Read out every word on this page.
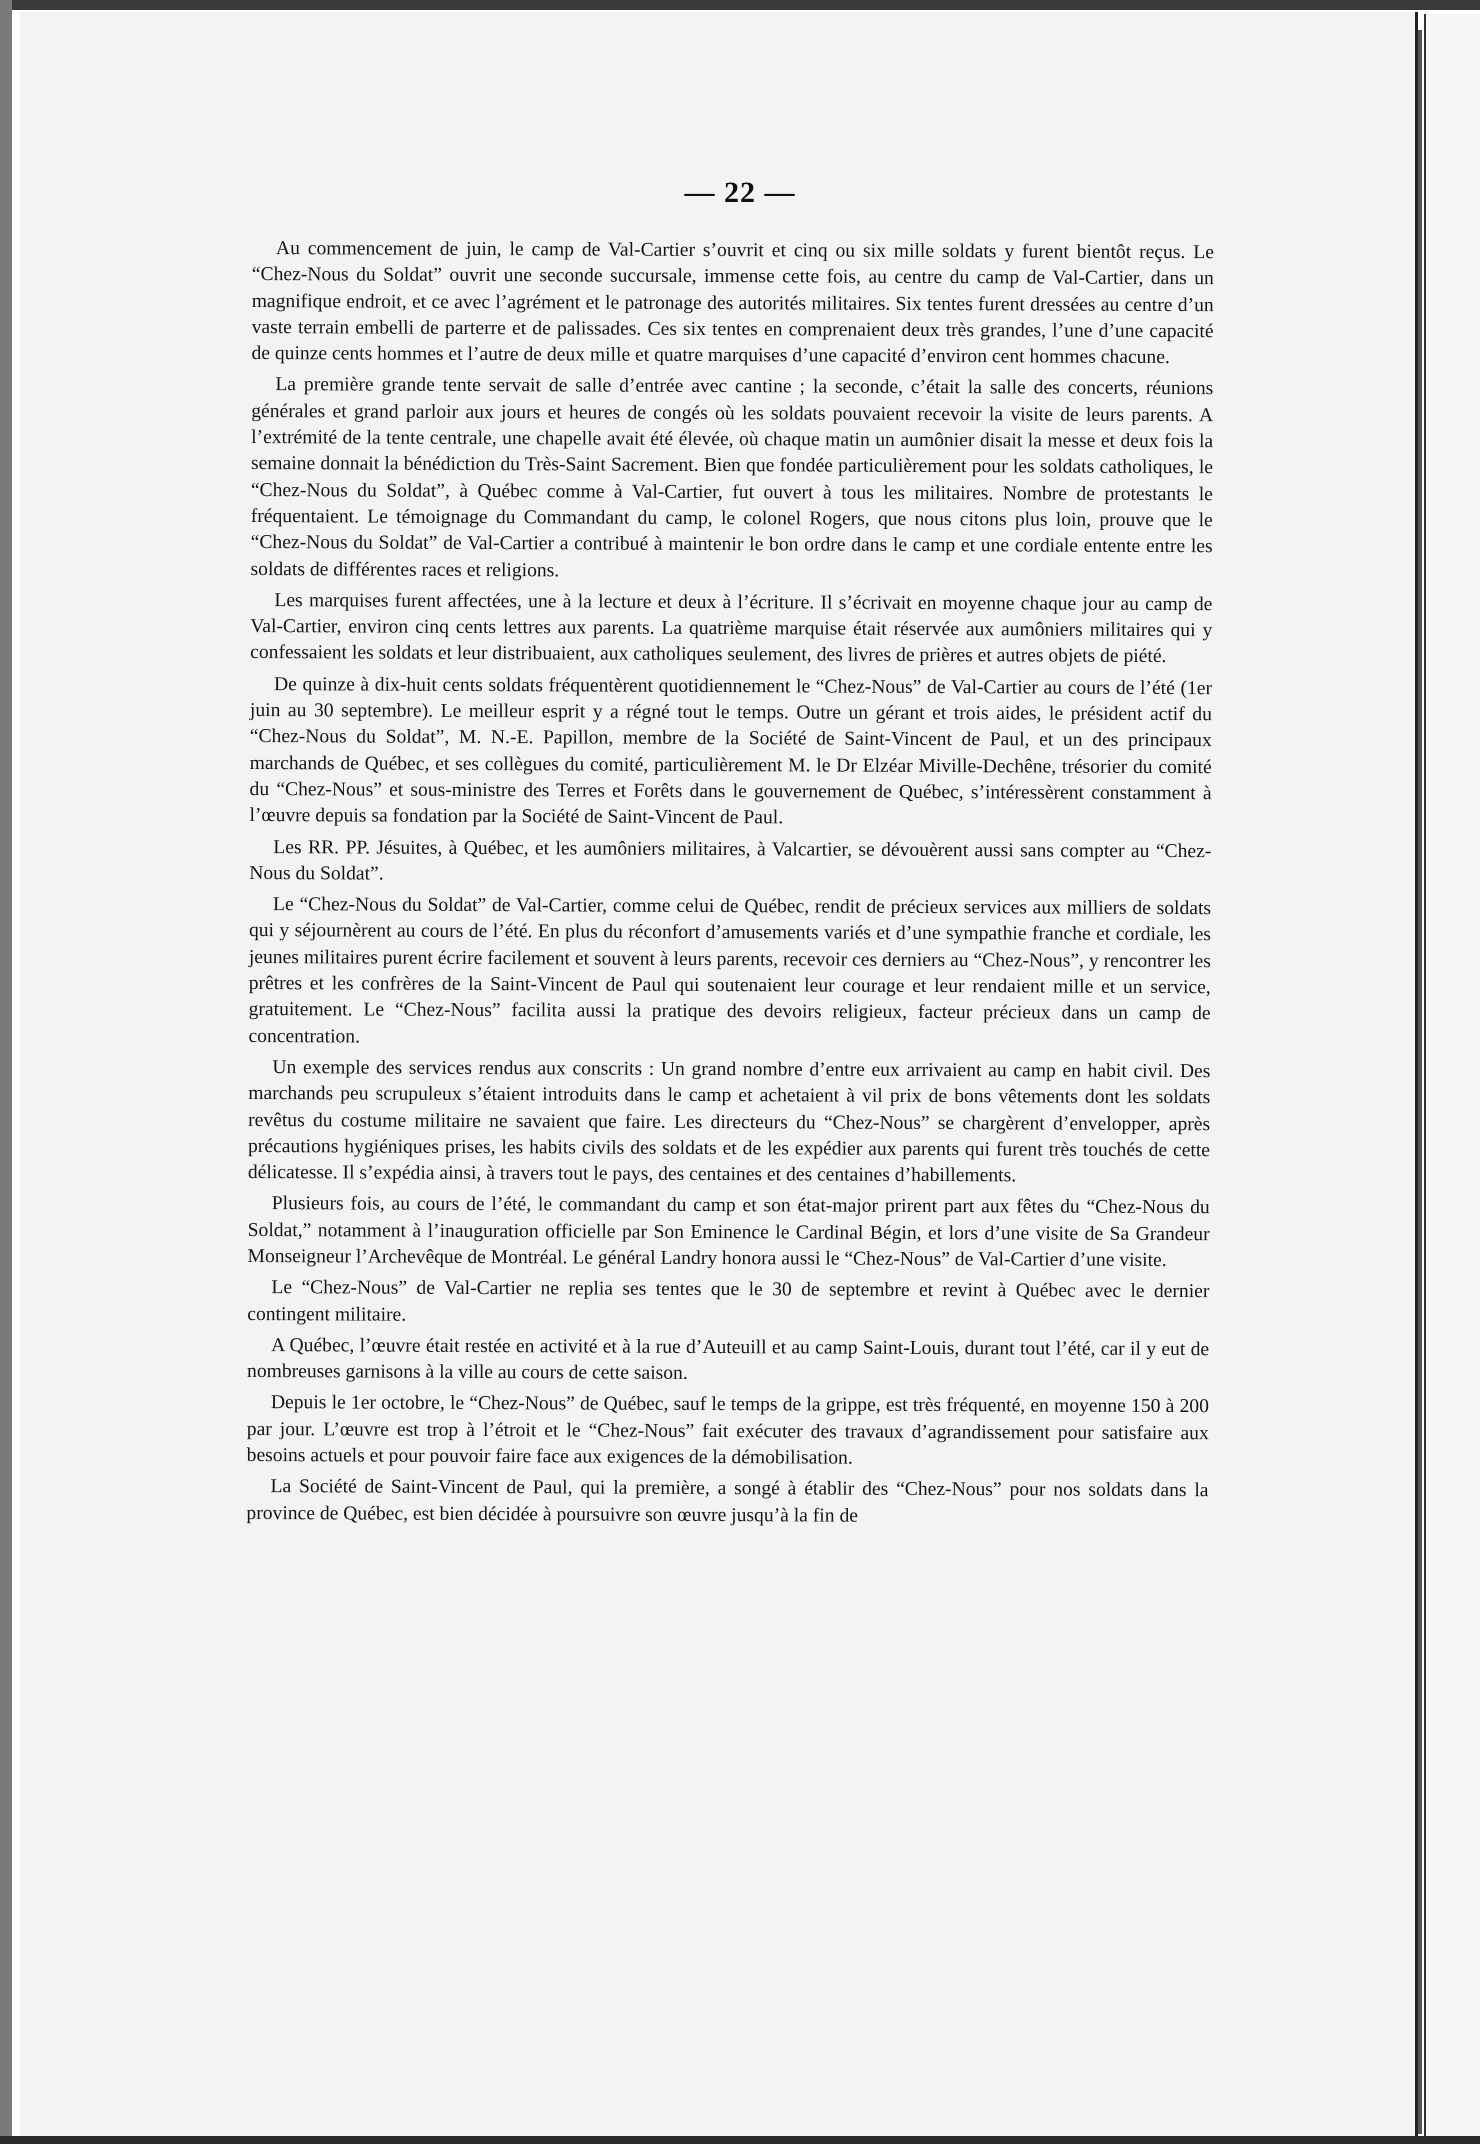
— 22 —

Au commencement de juin, le camp de Val-Cartier s’ouvrit et cinq ou six mille soldats y furent bientôt reçus. Le “Chez-Nous du Soldat” ouvrit une seconde succursale, immense cette fois, au centre du camp de Val-Cartier, dans un magnifique endroit, et ce avec l’agrément et le patronage des autorités militaires. Six tentes furent dressées au centre d’un vaste terrain embelli de parterre et de palissades. Ces six tentes en comprenaient deux très grandes, l’une d’une capacité de quinze cents hommes et l’autre de deux mille et quatre marquises d’une capacité d’environ cent hommes chacune.

La première grande tente servait de salle d’entrée avec cantine ; la seconde, c’était la salle des concerts, réunions générales et grand parloir aux jours et heures de congés où les soldats pouvaient recevoir la visite de leurs parents. A l’extrémité de la tente centrale, une chapelle avait été élevée, où chaque matin un aumônier disait la messe et deux fois la semaine donnait la bénédiction du Très-Saint Sacrement. Bien que fondée particulièrement pour les soldats catholiques, le “Chez-Nous du Soldat”, à Québec comme à Val-Cartier, fut ouvert à tous les militaires. Nombre de protestants le fréquentaient. Le témoignage du Commandant du camp, le colonel Rogers, que nous citons plus loin, prouve que le “Chez-Nous du Soldat” de Val-Cartier a contribué à maintenir le bon ordre dans le camp et une cordiale entente entre les soldats de différentes races et religions.

Les marquises furent affectées, une à la lecture et deux à l’écriture. Il s’écrivait en moyenne chaque jour au camp de Val-Cartier, environ cinq cents lettres aux parents. La quatrième marquise était réservée aux aumôniers militaires qui y confessaient les soldats et leur distribuaient, aux catholiques seulement, des livres de prières et autres objets de piété.

De quinze à dix-huit cents soldats fréquentèrent quotidiennement le “Chez-Nous” de Val-Cartier au cours de l’été (1er juin au 30 septembre). Le meilleur esprit y a régné tout le temps. Outre un gérant et trois aides, le président actif du “Chez-Nous du Soldat”, M. N.-E. Papillon, membre de la Société de Saint-Vincent de Paul, et un des principaux marchands de Québec, et ses collègues du comité, particulièrement M. le Dr Elzéar Miville-Dechêne, trésorier du comité du “Chez-Nous” et sous-ministre des Terres et Forêts dans le gouvernement de Québec, s’intéressèrent constamment à l’œuvre depuis sa fondation par la Société de Saint-Vincent de Paul.

Les RR. PP. Jésuites, à Québec, et les aumôniers militaires, à Valcartier, se dévouèrent aussi sans compter au “Chez-Nous du Soldat”.

Le “Chez-Nous du Soldat” de Val-Cartier, comme celui de Québec, rendit de précieux services aux milliers de soldats qui y séjournèrent au cours de l’été. En plus du réconfort d’amusements variés et d’une sympathie franche et cordiale, les jeunes militaires purent écrire facilement et souvent à leurs parents, recevoir ces derniers au “Chez-Nous”, y rencontrer les prêtres et les confrères de la Saint-Vincent de Paul qui soutenaient leur courage et leur rendaient mille et un service, gratuitement. Le “Chez-Nous” facilita aussi la pratique des devoirs religieux, facteur précieux dans un camp de concentration.

Un exemple des services rendus aux conscrits : Un grand nombre d’entre eux arrivaient au camp en habit civil. Des marchands peu scrupuleux s’étaient introduits dans le camp et achetaient à vil prix de bons vêtements dont les soldats revêtus du costume militaire ne savaient que faire. Les directeurs du “Chez-Nous” se chargèrent d’envelopper, après précautions hygiéniques prises, les habits civils des soldats et de les expédier aux parents qui furent très touchés de cette délicatesse. Il s’expédia ainsi, à travers tout le pays, des centaines et des centaines d’habillements.

Plusieurs fois, au cours de l’été, le commandant du camp et son état-major prirent part aux fêtes du “Chez-Nous du Soldat,” notamment à l’inauguration officielle par Son Eminence le Cardinal Bégin, et lors d’une visite de Sa Grandeur Monseigneur l’Archevêque de Montréal. Le général Landry honora aussi le “Chez-Nous” de Val-Cartier d’une visite.

Le “Chez-Nous” de Val-Cartier ne replia ses tentes que le 30 de septembre et revint à Québec avec le dernier contingent militaire.

A Québec, l’œuvre était restée en activité et à la rue d’Auteuill et au camp Saint-Louis, durant tout l’été, car il y eut de nombreuses garnisons à la ville au cours de cette saison.

Depuis le 1er octobre, le “Chez-Nous” de Québec, sauf le temps de la grippe, est très fréquenté, en moyenne 150 à 200 par jour. L’œuvre est trop à l’étroit et le “Chez-Nous” fait exécuter des travaux d’agrandissement pour satisfaire aux besoins actuels et pour pouvoir faire face aux exigences de la démobilisation.

La Société de Saint-Vincent de Paul, qui la première, a songé à établir des “Chez-Nous” pour nos soldats dans la province de Québec, est bien décidée à poursuivre son œuvre jusqu’à la fin de
